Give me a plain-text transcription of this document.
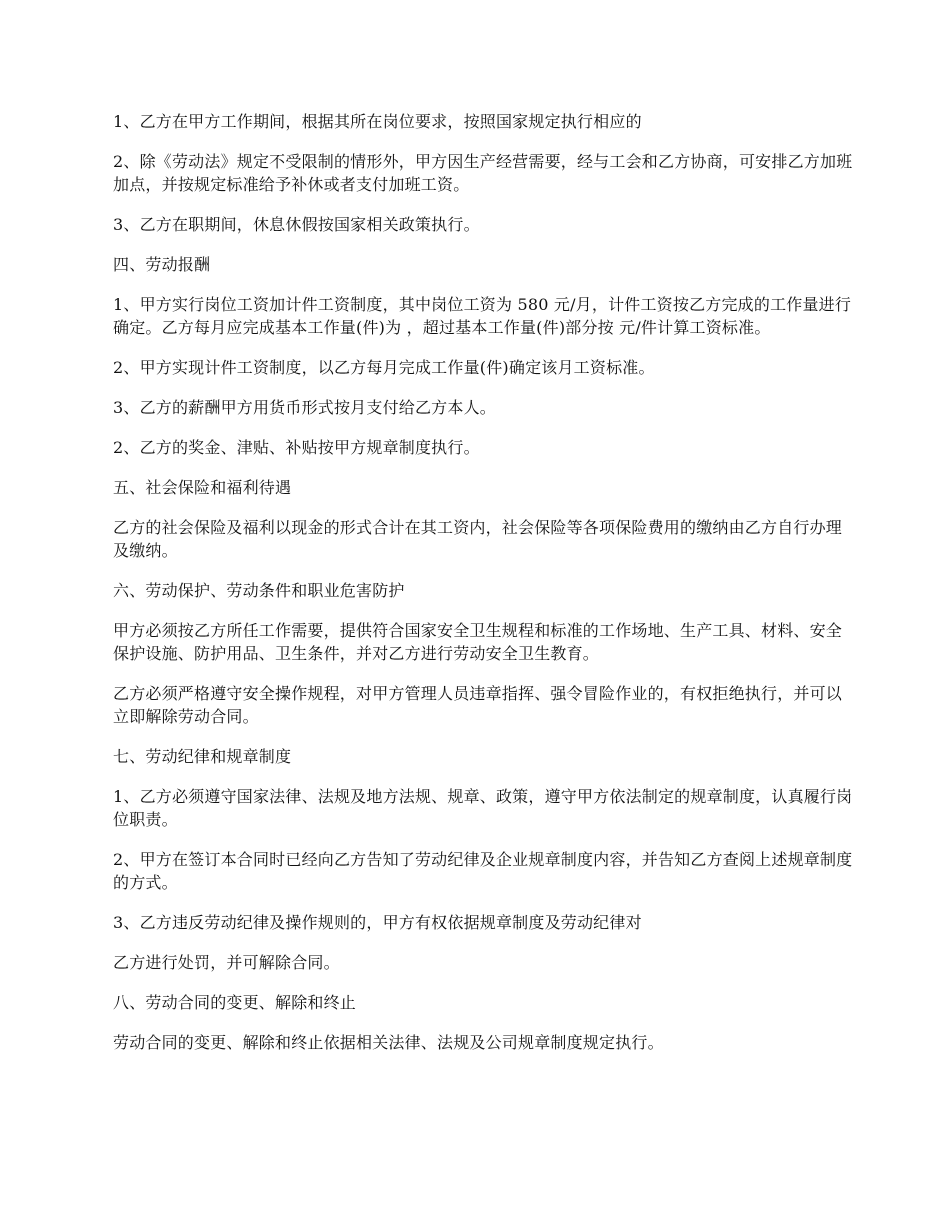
1、乙方在甲方工作期间，根据其所在岗位要求，按照国家规定执行相应的

2、除《劳动法》规定不受限制的情形外，甲方因生产经营需要，经与工会和乙方协商，可安排乙方加班加点，并按规定标准给予补休或者支付加班工资。

3、乙方在职期间，休息休假按国家相关政策执行。

四、劳动报酬

1、甲方实行岗位工资加计件工资制度，其中岗位工资为 580 元/月，计件工资按乙方完成的工作量进行确定。乙方每月应完成基本工作量(件)为 ，超过基本工作量(件)部分按 元/件计算工资标准。

2、甲方实现计件工资制度，以乙方每月完成工作量(件)确定该月工资标准。

3、乙方的薪酬甲方用货币形式按月支付给乙方本人。

2、乙方的奖金、津贴、补贴按甲方规章制度执行。

五、社会保险和福利待遇

乙方的社会保险及福利以现金的形式合计在其工资内，社会保险等各项保险费用的缴纳由乙方自行办理及缴纳。

六、劳动保护、劳动条件和职业危害防护

甲方必须按乙方所任工作需要，提供符合国家安全卫生规程和标准的工作场地、生产工具、材料、安全保护设施、防护用品、卫生条件，并对乙方进行劳动安全卫生教育。

乙方必须严格遵守安全操作规程，对甲方管理人员违章指挥、强令冒险作业的，有权拒绝执行，并可以立即解除劳动合同。

七、劳动纪律和规章制度

1、乙方必须遵守国家法律、法规及地方法规、规章、政策，遵守甲方依法制定的规章制度，认真履行岗位职责。

2、甲方在签订本合同时已经向乙方告知了劳动纪律及企业规章制度内容，并告知乙方查阅上述规章制度的方式。

3、乙方违反劳动纪律及操作规则的，甲方有权依据规章制度及劳动纪律对

乙方进行处罚，并可解除合同。

八、劳动合同的变更、解除和终止

劳动合同的变更、解除和终止依据相关法律、法规及公司规章制度规定执行。
